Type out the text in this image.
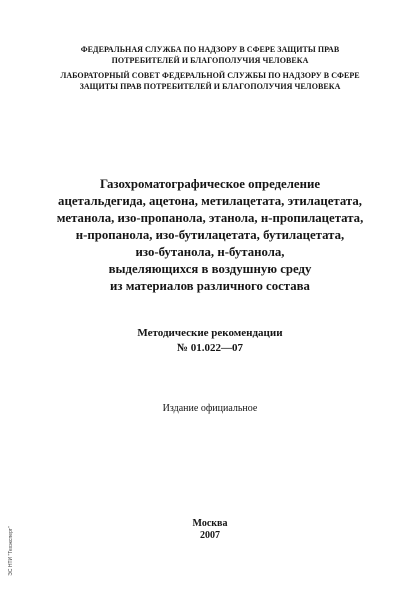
ФЕДЕРАЛЬНАЯ СЛУЖБА ПО НАДЗОРУ В СФЕРЕ ЗАЩИТЫ ПРАВ
ПОТРЕБИТЕЛЕЙ И БЛАГОПОЛУЧИЯ ЧЕЛОВЕКА
ЛАБОРАТОРНЫЙ СОВЕТ ФЕДЕРАЛЬНОЙ СЛУЖБЫ ПО НАДЗОРУ В СФЕРЕ
ЗАЩИТЫ ПРАВ ПОТРЕБИТЕЛЕЙ И БЛАГОПОЛУЧИЯ ЧЕЛОВЕКА
Газохроматографическое определение
ацетальдегида, ацетона, метилацетата, этилацетата,
метанола, изо-пропанола, этанола, н-пропилацетата,
н-пропанола, изо-бутилацетата, бутилацетата,
изо-бутанола, н-бутанола,
выделяющихся в воздушную среду
из материалов различного состава
Методические рекомендации
№ 01.022—07
Издание официальное
Москва
2007
ЭС НТИ "Техэксперт"
